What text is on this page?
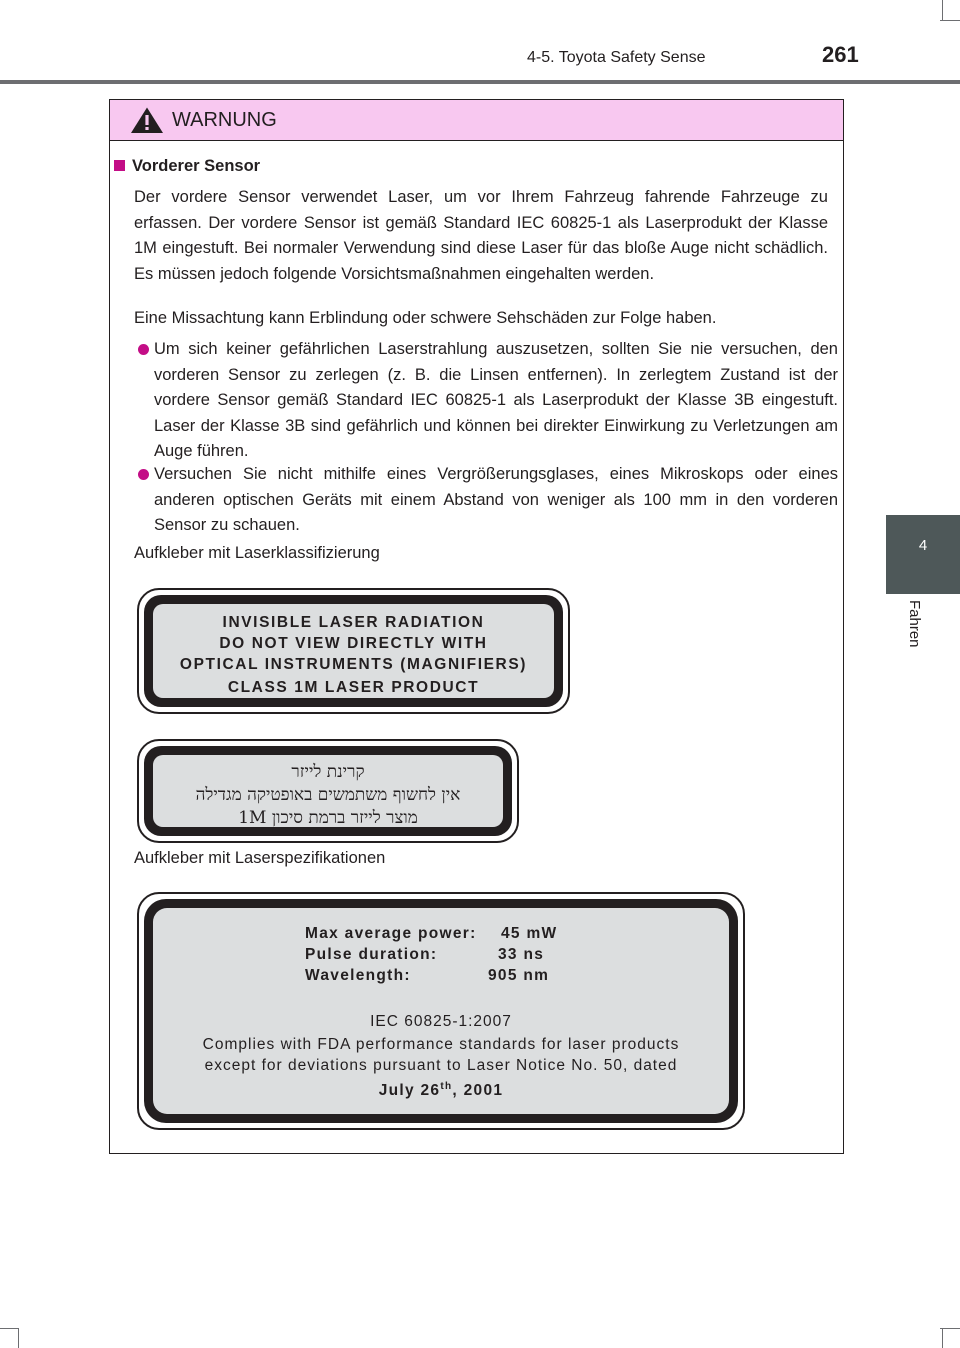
4-5. Toyota Safety Sense	261
4
Fahren
WARNUNG
Vorderer Sensor

Der vordere Sensor verwendet Laser, um vor Ihrem Fahrzeug fahrende Fahrzeuge zu erfassen. Der vordere Sensor ist gemäß Standard IEC 60825-1 als Laserprodukt der Klasse 1M eingestuft. Bei normaler Verwendung sind diese Laser für das bloße Auge nicht schädlich. Es müssen jedoch folgende Vorsichtsmaßnahmen eingehalten werden.

Eine Missachtung kann Erblindung oder schwere Sehschäden zur Folge haben.

Um sich keiner gefährlichen Laserstrahlung auszusetzen, sollten Sie nie versuchen, den vorderen Sensor zu zerlegen (z. B. die Linsen entfernen). In zerlegtem Zustand ist der vordere Sensor gemäß Standard IEC 60825-1 als Laserprodukt der Klasse 3B eingestuft. Laser der Klasse 3B sind gefährlich und können bei direkter Einwirkung zu Verletzungen am Auge führen.
Versuchen Sie nicht mithilfe eines Vergrößerungsglases, eines Mikroskops oder eines anderen optischen Geräts mit einem Abstand von weniger als 100 mm in den vorderen Sensor zu schauen.
Aufkleber mit Laserklassifizierung
Aufkleber mit Laserspezifikationen
INVISIBLE LASER RADIATION
DO NOT VIEW DIRECTLY WITH
OPTICAL INSTRUMENTS (MAGNIFIERS)
CLASS 1M LASER PRODUCT
קרינת לייזר
אין לחשוף משתמשים באופטיקה מגדילה
מוצר לייזר ברמת סיכון 1M
Max average power: 45 mW
Pulse duration:	33 ns
Wavelength:	905 nm
IEC 60825-1:2007
Complies with FDA performance standards for laser products
except for deviations pursuant to Laser Notice No. 50, dated
July 26th, 2001
